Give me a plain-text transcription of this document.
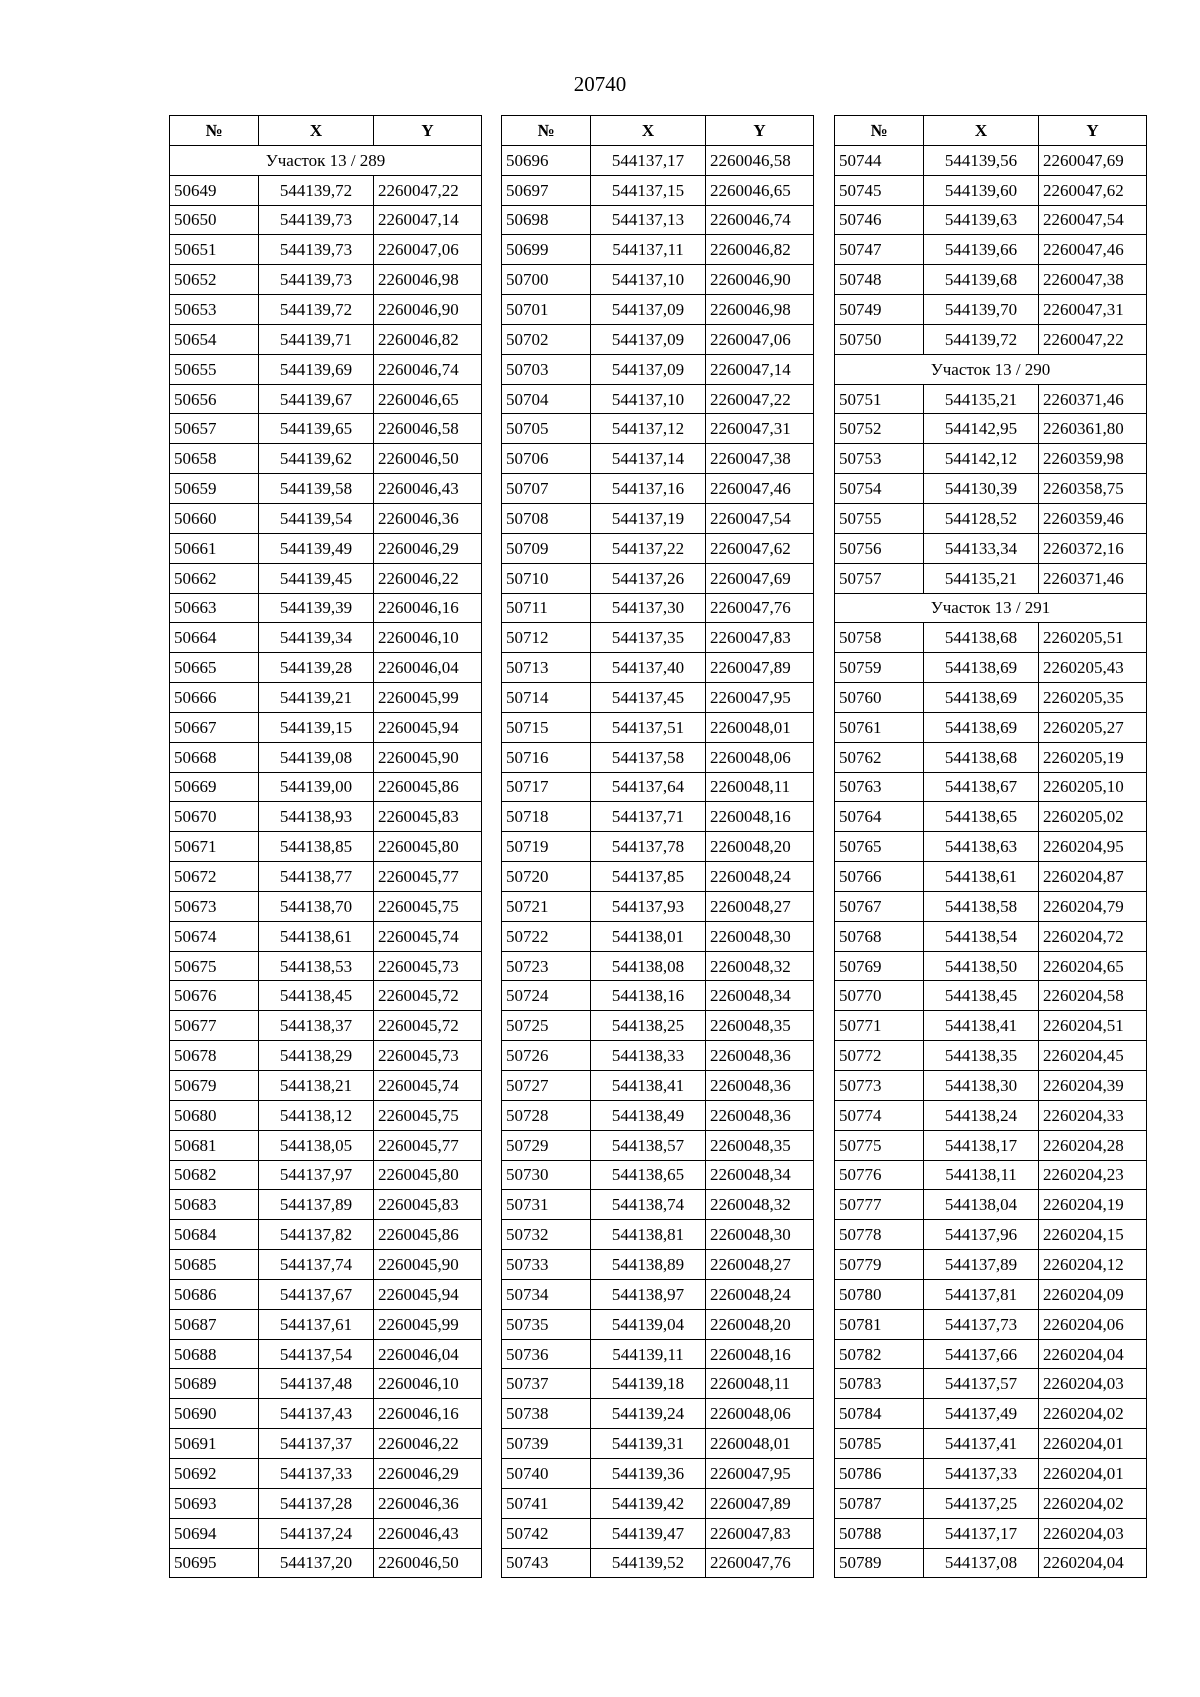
20740
№	X	Y
Участок 13 / 289		
50649	544139,72	2260047,22
50650	544139,73	2260047,14
50651	544139,73	2260047,06
50652	544139,73	2260046,98
50653	544139,72	2260046,90
50654	544139,71	2260046,82
50655	544139,69	2260046,74
50656	544139,67	2260046,65
50657	544139,65	2260046,58
50658	544139,62	2260046,50
50659	544139,58	2260046,43
50660	544139,54	2260046,36
50661	544139,49	2260046,29
50662	544139,45	2260046,22
50663	544139,39	2260046,16
50664	544139,34	2260046,10
50665	544139,28	2260046,04
50666	544139,21	2260045,99
50667	544139,15	2260045,94
50668	544139,08	2260045,90
50669	544139,00	2260045,86
50670	544138,93	2260045,83
50671	544138,85	2260045,80
50672	544138,77	2260045,77
50673	544138,70	2260045,75
50674	544138,61	2260045,74
50675	544138,53	2260045,73
50676	544138,45	2260045,72
50677	544138,37	2260045,72
50678	544138,29	2260045,73
50679	544138,21	2260045,74
50680	544138,12	2260045,75
50681	544138,05	2260045,77
50682	544137,97	2260045,80
50683	544137,89	2260045,83
50684	544137,82	2260045,86
50685	544137,74	2260045,90
50686	544137,67	2260045,94
50687	544137,61	2260045,99
50688	544137,54	2260046,04
50689	544137,48	2260046,10
50690	544137,43	2260046,16
50691	544137,37	2260046,22
50692	544137,33	2260046,29
50693	544137,28	2260046,36
50694	544137,24	2260046,43
50695	544137,20	2260046,50
№	X	Y
50696	544137,17	2260046,58
50697	544137,15	2260046,65
50698	544137,13	2260046,74
50699	544137,11	2260046,82
50700	544137,10	2260046,90
50701	544137,09	2260046,98
50702	544137,09	2260047,06
50703	544137,09	2260047,14
50704	544137,10	2260047,22
50705	544137,12	2260047,31
50706	544137,14	2260047,38
50707	544137,16	2260047,46
50708	544137,19	2260047,54
50709	544137,22	2260047,62
50710	544137,26	2260047,69
50711	544137,30	2260047,76
50712	544137,35	2260047,83
50713	544137,40	2260047,89
50714	544137,45	2260047,95
50715	544137,51	2260048,01
50716	544137,58	2260048,06
50717	544137,64	2260048,11
50718	544137,71	2260048,16
50719	544137,78	2260048,20
50720	544137,85	2260048,24
50721	544137,93	2260048,27
50722	544138,01	2260048,30
50723	544138,08	2260048,32
50724	544138,16	2260048,34
50725	544138,25	2260048,35
50726	544138,33	2260048,36
50727	544138,41	2260048,36
50728	544138,49	2260048,36
50729	544138,57	2260048,35
50730	544138,65	2260048,34
50731	544138,74	2260048,32
50732	544138,81	2260048,30
50733	544138,89	2260048,27
50734	544138,97	2260048,24
50735	544139,04	2260048,20
50736	544139,11	2260048,16
50737	544139,18	2260048,11
50738	544139,24	2260048,06
50739	544139,31	2260048,01
50740	544139,36	2260047,95
50741	544139,42	2260047,89
50742	544139,47	2260047,83
50743	544139,52	2260047,76
№	X	Y
50744	544139,56	2260047,69
50745	544139,60	2260047,62
50746	544139,63	2260047,54
50747	544139,66	2260047,46
50748	544139,68	2260047,38
50749	544139,70	2260047,31
50750	544139,72	2260047,22
Участок 13 / 290		
50751	544135,21	2260371,46
50752	544142,95	2260361,80
50753	544142,12	2260359,98
50754	544130,39	2260358,75
50755	544128,52	2260359,46
50756	544133,34	2260372,16
50757	544135,21	2260371,46
Участок 13 / 291		
50758	544138,68	2260205,51
50759	544138,69	2260205,43
50760	544138,69	2260205,35
50761	544138,69	2260205,27
50762	544138,68	2260205,19
50763	544138,67	2260205,10
50764	544138,65	2260205,02
50765	544138,63	2260204,95
50766	544138,61	2260204,87
50767	544138,58	2260204,79
50768	544138,54	2260204,72
50769	544138,50	2260204,65
50770	544138,45	2260204,58
50771	544138,41	2260204,51
50772	544138,35	2260204,45
50773	544138,30	2260204,39
50774	544138,24	2260204,33
50775	544138,17	2260204,28
50776	544138,11	2260204,23
50777	544138,04	2260204,19
50778	544137,96	2260204,15
50779	544137,89	2260204,12
50780	544137,81	2260204,09
50781	544137,73	2260204,06
50782	544137,66	2260204,04
50783	544137,57	2260204,03
50784	544137,49	2260204,02
50785	544137,41	2260204,01
50786	544137,33	2260204,01
50787	544137,25	2260204,02
50788	544137,17	2260204,03
50789	544137,08	2260204,04
